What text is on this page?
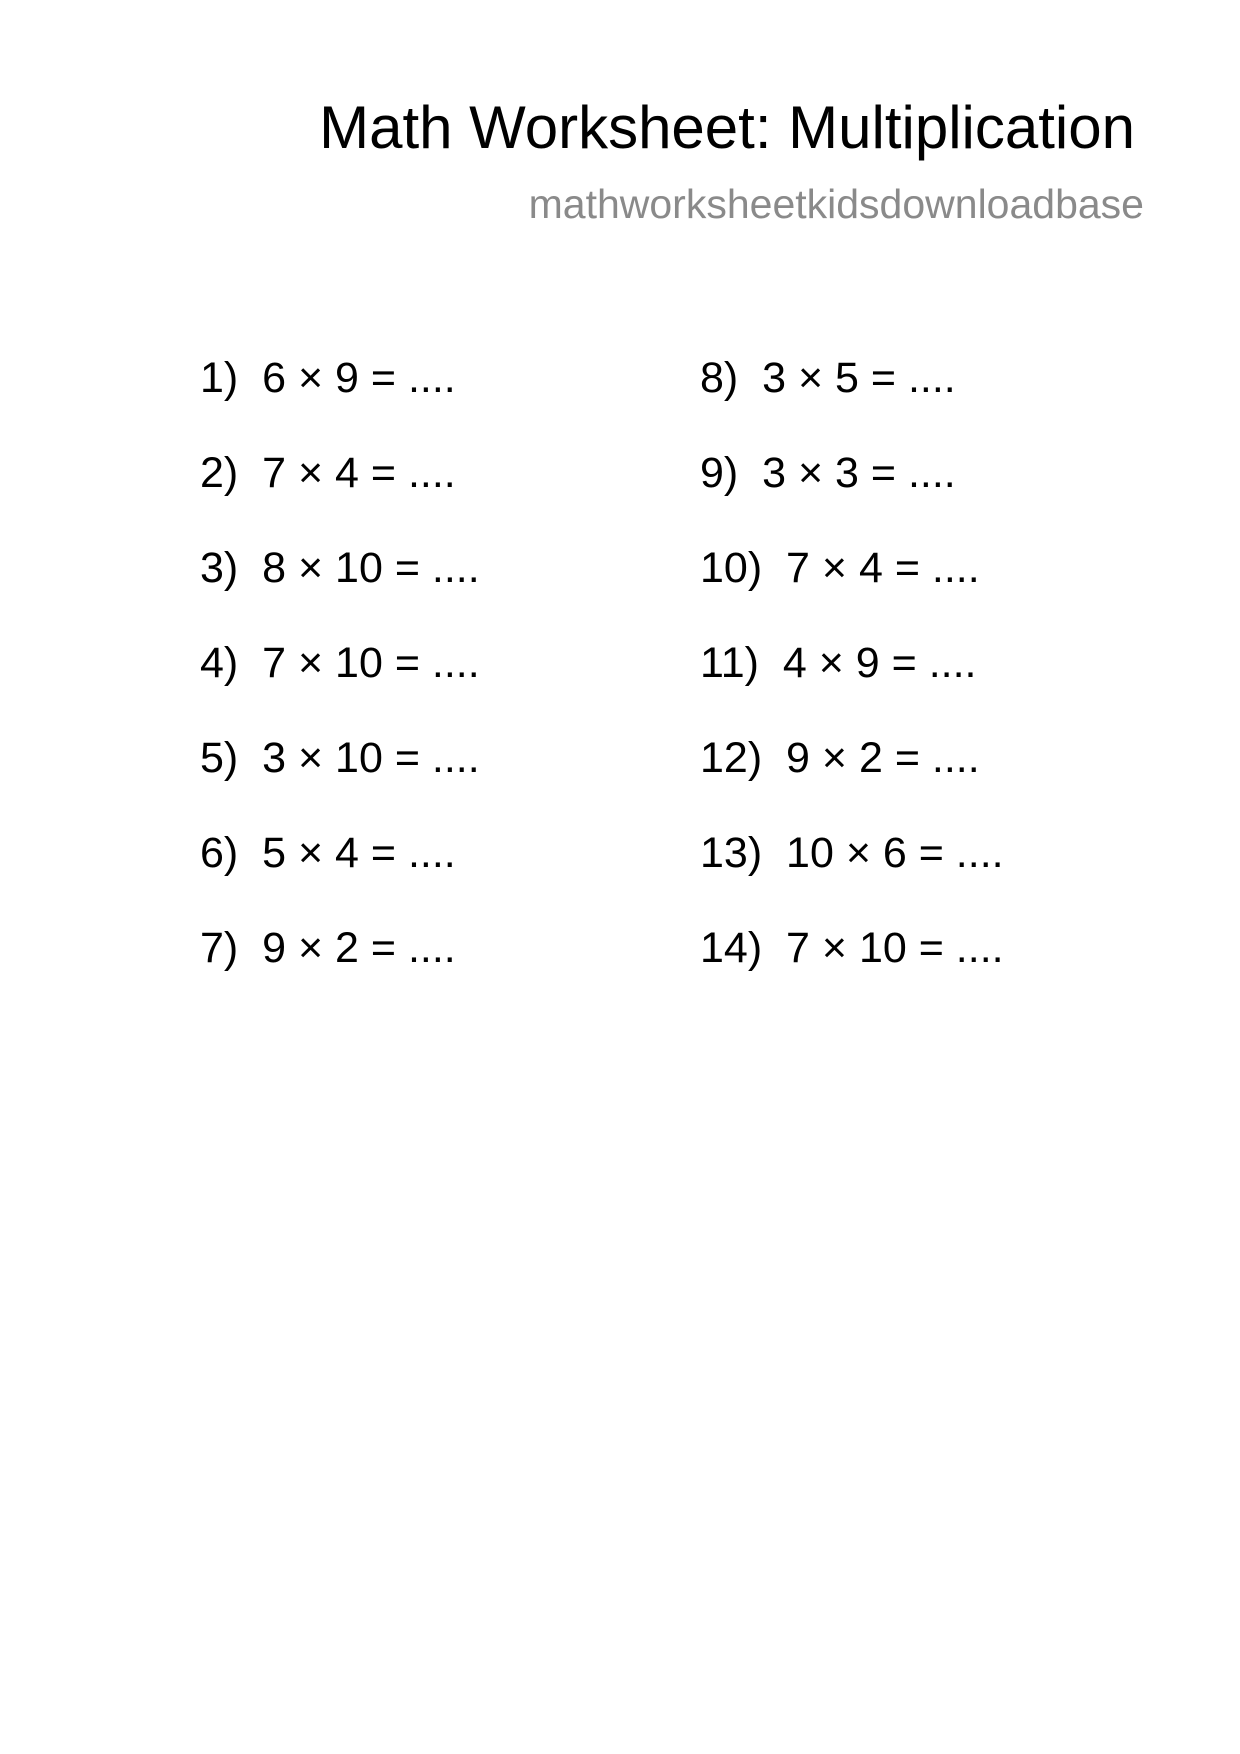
Math Worksheet: Multiplication
mathworksheetkidsdownloadbase
1)  6 × 9 = ....
2)  7 × 4 = ....
3)  8 × 10 = ....
4)  7 × 10 = ....
5)  3 × 10 = ....
6)  5 × 4 = ....
7)  9 × 2 = ....
8)  3 × 5 = ....
9)  3 × 3 = ....
10)  7 × 4 = ....
11)  4 × 9 = ....
12)  9 × 2 = ....
13)  10 × 6 = ....
14)  7 × 10 = ....
